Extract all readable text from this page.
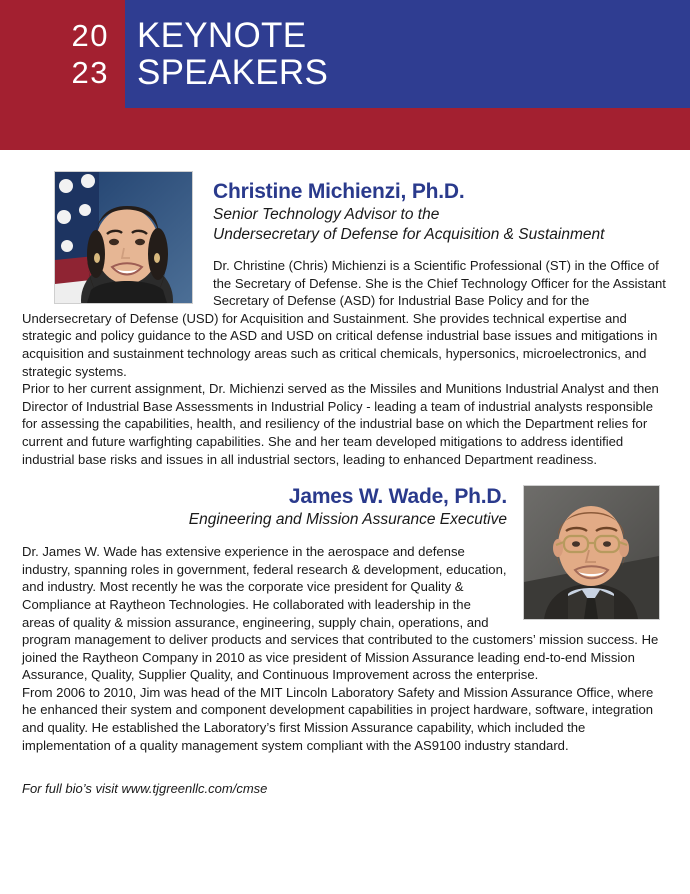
20
23
KEYNOTE
SPEAKERS

Christine Michienzi, Ph.D.

Senior Technology Advisor to the

Undersecretary of Defense for Acquisition & Sustainment

Dr. Christine (Chris) Michienzi is a Scientific Professional (ST) in the Office of the Secretary of Defense. She is the Chief Technology Officer for the Assistant Secretary of Defense (ASD) for Industrial Base Policy and for the Undersecretary of Defense (USD) for Acquisition and Sustainment. She provides technical expertise and strategic and policy guidance to the ASD and USD on critical defense industrial base issues and mitigations in acquisition and sustainment technology areas such as critical chemicals, hypersonics, microelectronics, and strategic systems.

Prior to her current assignment, Dr. Michienzi served as the Missiles and Munitions Industrial Analyst and then Director of Industrial Base Assessments in Industrial Policy - leading a team of industrial analysts responsible for assessing the capabilities, health, and resiliency of the industrial base on which the Department relies for current and future warfighting capabilities. She and her team developed mitigations to address identified industrial base risks and issues in all industrial sectors, leading to enhanced Department readiness.

James W. Wade, Ph.D.

Engineering and Mission Assurance Executive

Dr. James W. Wade has extensive experience in the aerospace and defense industry, spanning roles in government, federal research & development, education, and industry. Most recently he was the corporate vice president for Quality & Compliance at Raytheon Technologies. He collaborated with leadership in the areas of quality & mission assurance, engineering, supply chain, operations, and program management to deliver products and services that contributed to the customers’ mission success. He joined the Raytheon Company in 2010 as vice president of Mission Assurance leading end-to-end Mission Assurance, Quality, Supplier Quality, and Continuous Improvement across the enterprise.

From 2006 to 2010, Jim was head of the MIT Lincoln Laboratory Safety and Mission Assurance Office, where he enhanced their system and component development capabilities in project hardware, software, integration and quality. He established the Laboratory’s first Mission Assurance capability, which included the implementation of a quality management system compliant with the AS9100 industry standard.

For full bio’s visit www.tjgreenllc.com/cmse
